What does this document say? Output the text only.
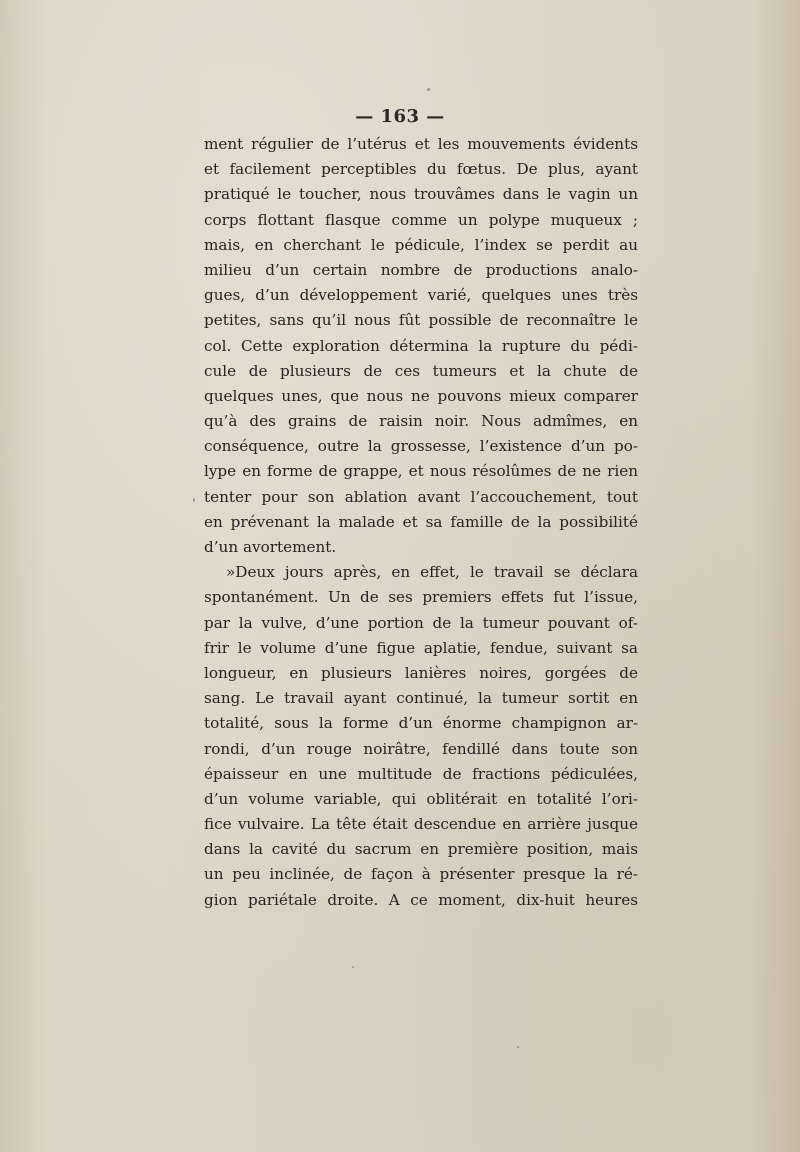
— 163 —
ment régulier de l’utérus et les mouvements évidents
et facilement perceptibles du fœtus. De plus, ayant
pratiqué le toucher, nous trouvâmes dans le vagin un
corps flottant flasque comme un polype muqueux ;
mais, en cherchant le pédicule, l’index se perdit au
milieu d’un certain nombre de productions analo-
gues, d’un développement varié, quelques unes très
petites, sans qu’il nous fût possible de reconnaître le
col. Cette exploration détermina la rupture du pédi-
cule de plusieurs de ces tumeurs et la chute de
quelques unes, que nous ne pouvons mieux comparer
qu’à des grains de raisin noir. Nous admîmes, en
conséquence, outre la grossesse, l’existence d’un po-
lype en forme de grappe, et nous résolûmes de ne rien
tenter pour son ablation avant l’accouchement, tout
en prévenant la malade et sa famille de la possibilité
d’un avortement.
»Deux jours après, en effet, le travail se déclara
spontanément. Un de ses premiers effets fut l’issue,
par la vulve, d’une portion de la tumeur pouvant of-
frir le volume d’une figue aplatie, fendue, suivant sa
longueur, en plusieurs lanières noires, gorgées de
sang. Le travail ayant continué, la tumeur sortit en
totalité, sous la forme d’un énorme champignon ar-
rondi, d’un rouge noirâtre, fendillé dans toute son
épaisseur en une multitude de fractions pédiculées,
d’un volume variable, qui oblitérait en totalité l’ori-
fice vulvaire. La tête était descendue en arrière jusque
dans la cavité du sacrum en première position, mais
un peu inclinée, de façon à présenter presque la ré-
gion pariétale droite. A ce moment, dix-huit heures
